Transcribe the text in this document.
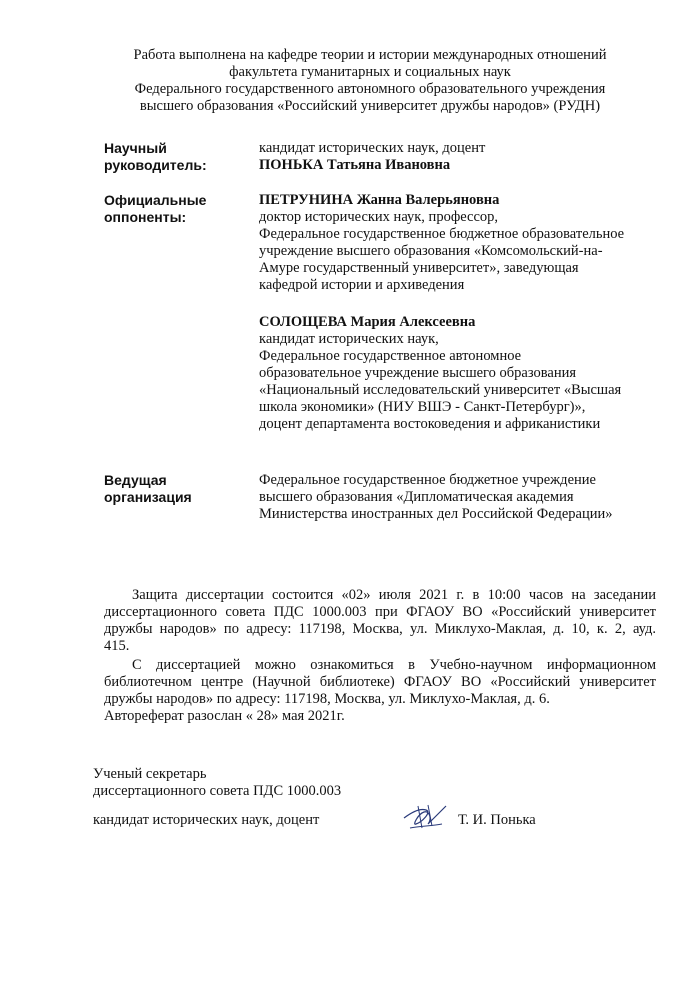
Работа выполнена на кафедре теории и истории международных отношений
факультета гуманитарных и социальных наук
Федерального государственного автономного образовательного учреждения
высшего образования «Российский университет дружбы народов» (РУДН)
Научный
руководитель:
кандидат исторических наук, доцент
ПОНЬКА Татьяна Ивановна
Официальные
оппоненты:
ПЕТРУНИНА Жанна Валерьяновна
доктор исторических наук, профессор,
Федеральное государственное бюджетное образовательное
учреждение высшего образования «Комсомольский-на-
Амуре государственный университет», заведующая
кафедрой истории и архиведения
СОЛОЩЕВА Мария Алексеевна
кандидат исторических наук,
Федеральное государственное автономное
образовательное учреждение высшего образования
«Национальный исследовательский университет «Высшая
школа экономики» (НИУ ВШЭ - Санкт-Петербург)»,
доцент департамента востоковедения и африканистики
Ведущая
организация
Федеральное государственное бюджетное учреждение
высшего образования «Дипломатическая академия
Министерства иностранных дел Российской Федерации»
Защита диссертации состоится «02» июля 2021 г. в 10:00 часов на заседании
диссертационного совета ПДС 1000.003 при ФГАОУ ВО «Российский университет
дружбы народов» по адресу: 117198, Москва, ул. Миклухо-Маклая, д. 10, к. 2, ауд.
415.
С диссертацией можно ознакомиться в Учебно-научном информационном
библиотечном центре (Научной библиотеке) ФГАОУ ВО «Российский университет
дружбы народов» по адресу: 117198, Москва, ул. Миклухо-Маклая, д. 6.
Автореферат разослан « 28» мая 2021г.
Ученый секретарь
диссертационного совета ПДС 1000.003
кандидат исторических наук, доцент	Т. И. Понька
